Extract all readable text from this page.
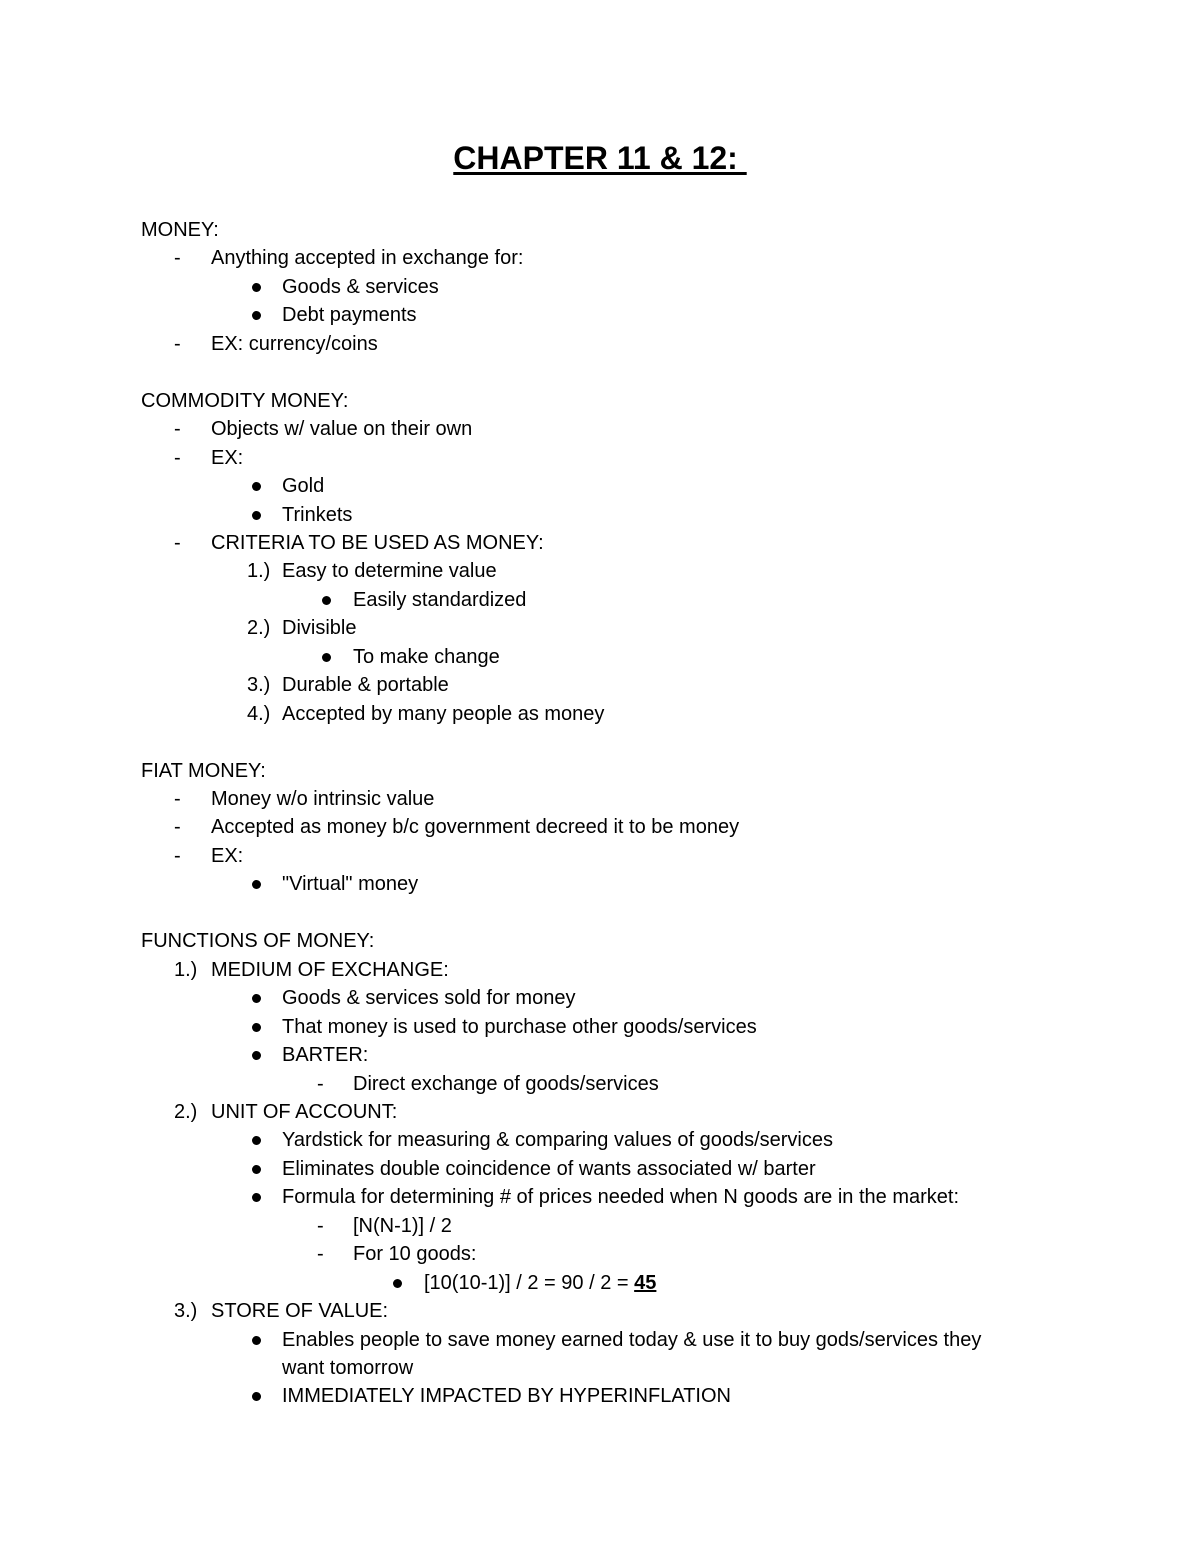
CHAPTER 11 & 12:
MONEY:
-	Anything accepted in exchange for:
Goods & services
Debt payments
-	EX: currency/coins
COMMODITY MONEY:
-	Objects w/ value on their own
-	EX:
Gold
Trinkets
-	CRITERIA TO BE USED AS MONEY:
1.) Easy to determine value
Easily standardized
2.) Divisible
To make change
3.) Durable & portable
4.) Accepted by many people as money
FIAT MONEY:
-	Money w/o intrinsic value
-	Accepted as money b/c government decreed it to be money
-	EX:
"Virtual" money
FUNCTIONS OF MONEY:
1.) MEDIUM OF EXCHANGE:
Goods & services sold for money
That money is used to purchase other goods/services
BARTER:
-	Direct exchange of goods/services
2.) UNIT OF ACCOUNT:
Yardstick for measuring & comparing values of goods/services
Eliminates double coincidence of wants associated w/ barter
Formula for determining # of prices needed when N goods are in the market:
-	[N(N-1)] / 2
-	For 10 goods:
[10(10-1)] / 2 = 90 / 2 = 45
3.) STORE OF VALUE:
Enables people to save money earned today & use it to buy gods/services they
want tomorrow
IMMEDIATELY IMPACTED BY HYPERINFLATION
